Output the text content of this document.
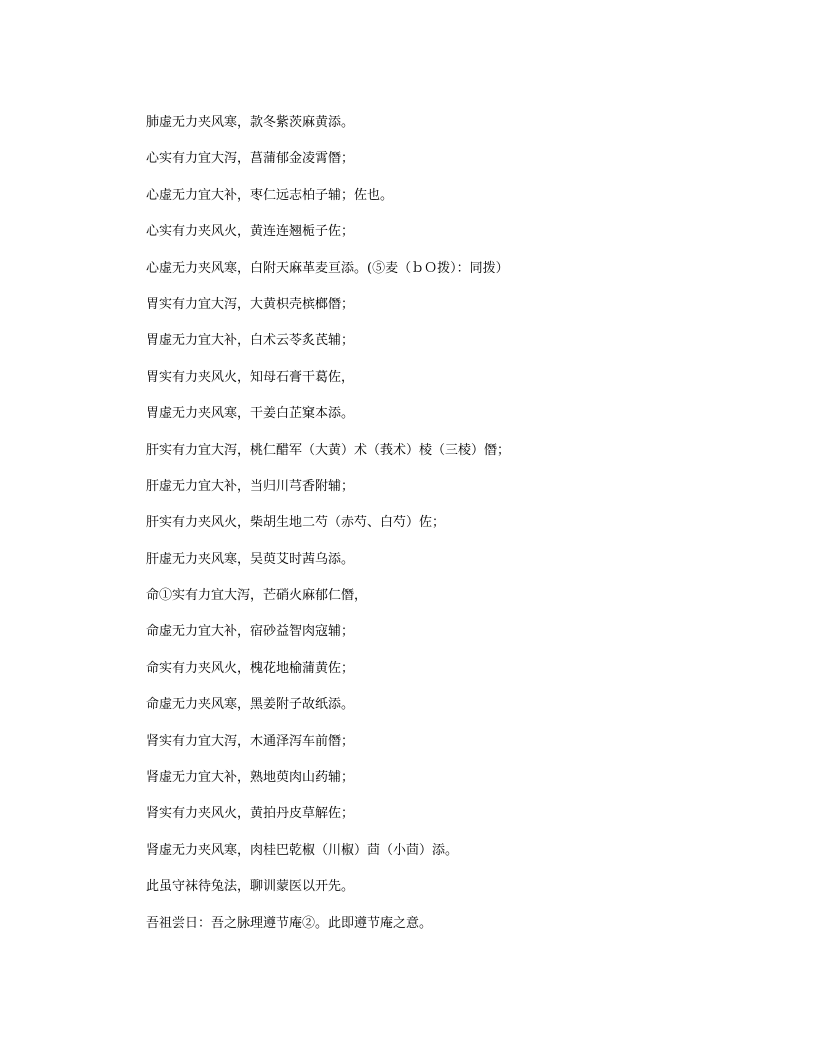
肺虚无力夹风寒，款冬紫茨麻黄添。
心实有力宜大泻，菖蒲郁金凌霄僭；
心虚无力宜大补，枣仁远志柏子辅；佐也。
心实有力夹风火，黄连连翘栀子佐；
心虚无力夹风寒，白附天麻革麦亘添。(⑤麦（ｂＯ拨）：同拨）
胃实有力宜大泻，大黄枳壳槟榔僭；
胃虚无力宜大补，白术云苓炙芪辅；
胃实有力夹风火，知母石膏干葛佐，
胃虚无力夹风寒，干姜白芷窠本添。
肝实有力宜大泻，桃仁醋军（大黄）术（莪术）棱（三棱）僭；
肝虚无力宜大补，当归川芎香附辅；
肝实有力夹风火，柴胡生地二芍（赤芍、白芍）佐；
肝虚无力夹风寒，吴萸艾时茜乌添。
命①实有力宜大泻，芒硝火麻郁仁僭，
命虚无力宜大补，宿砂益智肉寇辅；
命实有力夹风火，槐花地榆蒲黄佐；
命虚无力夹风寒，黑姜附子故纸添。
肾实有力宜大泻，木通泽泻车前僭；
肾虚无力宜大补，熟地萸肉山药辅；
肾实有力夹风火，黄拍丹皮草解佐；
肾虚无力夹风寒，肉桂巴乾椒（川椒）茴（小茴）添。
此虽守袜待兔法，聊训蒙医以开先。
吾祖尝日：吾之脉理遵节庵②。此即遵节庵之意。
